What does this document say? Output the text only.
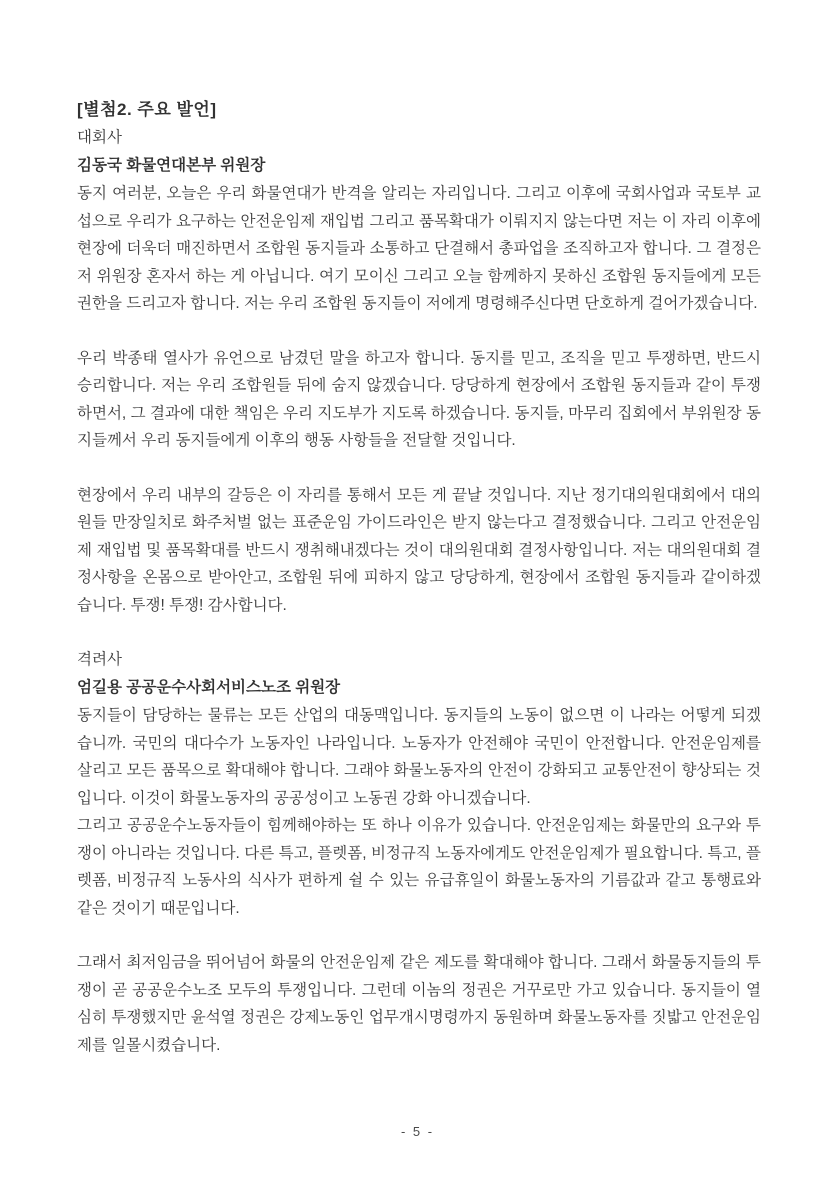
[별첨2. 주요 발언]
대회사
김동국 화물연대본부 위원장

동지 여러분, 오늘은 우리 화물연대가 반격을 알리는 자리입니다. 그리고 이후에 국회사업과 국토부 교섭으로 우리가 요구하는 안전운임제 재입법 그리고 품목확대가 이뤄지지 않는다면 저는 이 자리 이후에 현장에 더욱더 매진하면서 조합원 동지들과 소통하고 단결해서 총파업을 조직하고자 합니다. 그 결정은 저 위원장 혼자서 하는 게 아닙니다. 여기 모이신 그리고 오늘 함께하지 못하신 조합원 동지들에게 모든 권한을 드리고자 합니다. 저는 우리 조합원 동지들이 저에게 명령해주신다면 단호하게 걸어가겠습니다.

우리 박종태 열사가 유언으로 남겼던 말을 하고자 합니다. 동지를 믿고, 조직을 믿고 투쟁하면, 반드시 승리합니다. 저는 우리 조합원들 뒤에 숨지 않겠습니다. 당당하게 현장에서 조합원 동지들과 같이 투쟁하면서, 그 결과에 대한 책임은 우리 지도부가 지도록 하겠습니다. 동지들, 마무리 집회에서 부위원장 동지들께서 우리 동지들에게 이후의 행동 사항들을 전달할 것입니다.

현장에서 우리 내부의 갈등은 이 자리를 통해서 모든 게 끝날 것입니다. 지난 정기대의원대회에서 대의원들 만장일치로 화주처벌 없는 표준운임 가이드라인은 받지 않는다고 결정했습니다. 그리고 안전운임제 재입법 및 품목확대를 반드시 쟁취해내겠다는 것이 대의원대회 결정사항입니다. 저는 대의원대회 결정사항을 온몸으로 받아안고, 조합원 뒤에 피하지 않고 당당하게, 현장에서 조합원 동지들과 같이하겠습니다. 투쟁! 투쟁! 감사합니다.

격려사
엄길용 공공운수사회서비스노조 위원장

동지들이 담당하는 물류는 모든 산업의 대동맥입니다. 동지들의 노동이 없으면 이 나라는 어떻게 되겠습니까. 국민의 대다수가 노동자인 나라입니다. 노동자가 안전해야 국민이 안전합니다. 안전운임제를 살리고 모든 품목으로 확대해야 합니다. 그래야 화물노동자의 안전이 강화되고 교통안전이 향상되는 것입니다. 이것이 화물노동자의 공공성이고 노동권 강화 아니겠습니다.

그리고 공공운수노동자들이 힘께해야하는 또 하나 이유가 있습니다. 안전운임제는 화물만의 요구와 투쟁이 아니라는 것입니다. 다른 특고, 플렛폼, 비정규직 노동자에게도 안전운임제가 필요합니다. 특고, 플렛폼, 비정규직 노동사의 식사가 편하게 쉴 수 있는 유급휴일이 화물노동자의 기름값과 같고 통행료와 같은 것이기 때문입니다.

그래서 최저임금을 뛰어넘어 화물의 안전운임제 같은 제도를 확대해야 합니다. 그래서 화물동지들의 투쟁이 곧 공공운수노조 모두의 투쟁입니다. 그런데 이놈의 정권은 거꾸로만 가고 있습니다. 동지들이 열심히 투쟁했지만 윤석열 정권은 강제노동인 업무개시명령까지 동원하며 화물노동자를 짓밟고 안전운임제를 일몰시켰습니다.

- 5 -
